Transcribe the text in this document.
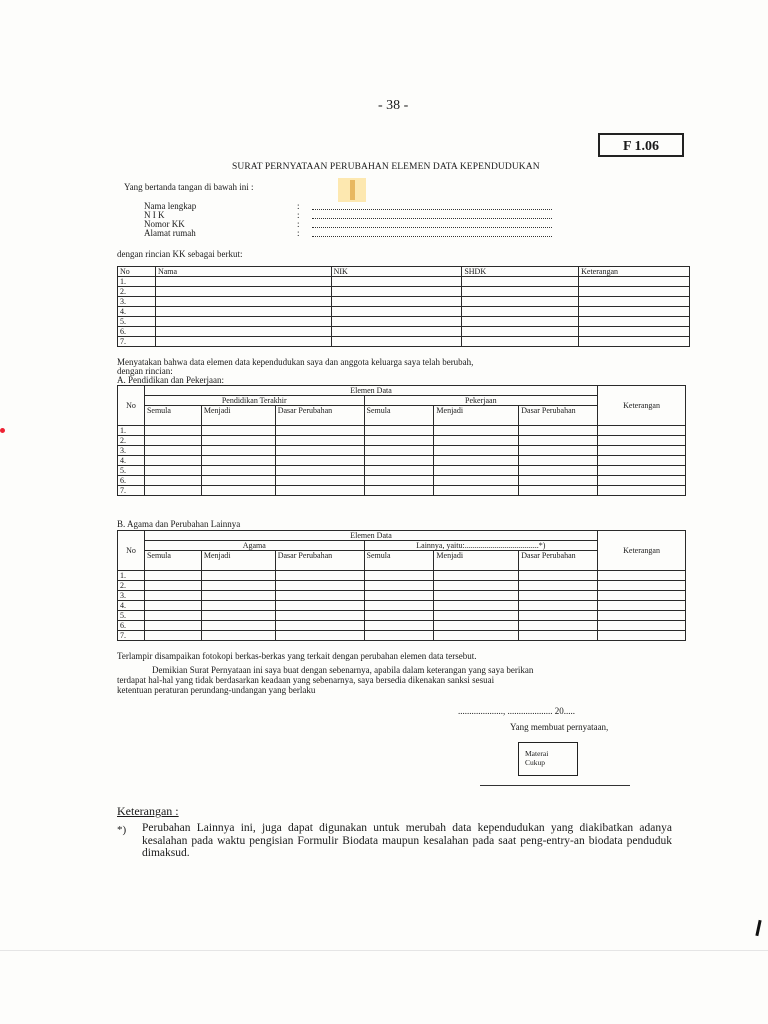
- 38 -
F 1.06
SURAT PERNYATAAN PERUBAHAN ELEMEN DATA KEPENDUDUKAN
Yang bertanda tangan di bawah ini :
Nama lengkap
N I K
Nomor KK
Alamat rumah
:
:
:
:
dengan rincian KK sebagai berkut:
No	Nama	NIK	SHDK	Keterangan
1.				
2.				
3.				
4.				
5.				
6.				
7.				
Menyatakan bahwa data elemen data kependudukan saya dan anggota keluarga saya telah berubah,
dengan rincian:
A. Pendidikan dan Pekerjaan:
No	Elemen Data						Keterangan
	Pendidikan Terakhir			Pekerjaan			
	Semula	Menjadi	Dasar Perubahan	Semula	Menjadi	Dasar Perubahan	
1.							
2.							
3.							
4.							
5.							
6.							
7.							
B. Agama dan Perubahan Lainnya
No	Elemen Data						Keterangan
	Agama			Lainnya, yaitu:.....................................*)			
	Semula	Menjadi	Dasar Perubahan	Semula	Menjadi	Dasar Perubahan	
1.							
2.							
3.							
4.							
5.							
6.							
7.							
Terlampir disampaikan fotokopi berkas-berkas yang terkait dengan perubahan elemen data tersebut.
Demikian Surat Pernyataan ini saya buat dengan sebenarnya, apabila dalam keterangan yang saya berikan
terdapat hal-hal yang tidak berdasarkan keadaan yang sebenarnya, saya bersedia dikenakan sanksi sesuai
ketentuan peraturan perundang-undangan yang berlaku
...................., .................... 20.....
Yang membuat pernyataan,
Materai
Cukup
Keterangan :
*) Perubahan Lainnya ini, juga dapat digunakan untuk merubah data kependudukan yang diakibatkan adanya kesalahan pada waktu pengisian Formulir Biodata maupun kesalahan pada saat peng-entry-an biodata penduduk dimaksud.
